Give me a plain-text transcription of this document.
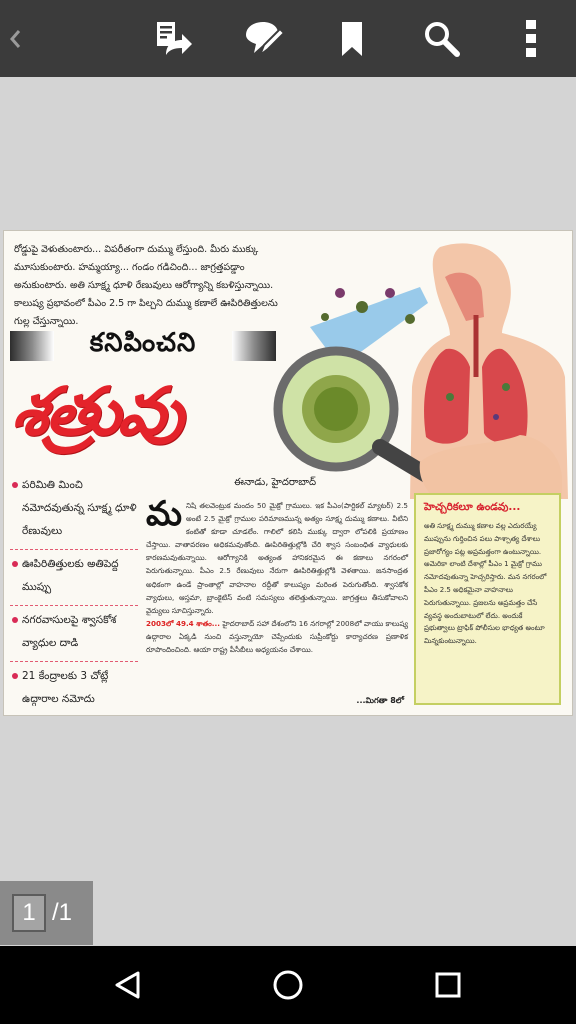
రోడ్డుపై వెళుతుంటారు... విపరీతంగా దుమ్ము లేస్తుంది. మీరు ముక్కు మూసుకుంటారు. హమ్మయ్యా... గండం గడిచింది... జాగ్రత్తపడ్డాం అనుకుంటారు. అతి సూక్ష్మ ధూళి రేణువులు ఆరోగ్యాన్ని కబళిస్తున్నాయి. కాలుష్య ప్రభావంలో పీఎం 2.5 గా పిల్చని దుమ్ము కణాలే ఊపిరితిత్తులను గుల్ల చేస్తున్నాయి.
కనిపించని
శత్రువు
ఈనాడు, హైదరాబాద్
పరిమితి మించి నమోదవుతున్న సూక్ష్మ ధూళి రేణువులు
ఊపిరితిత్తులకు అతిపెద్ద ముప్పు
నగరవాసులపై శ్వాసకోశ వ్యాధుల దాడి
21 కేంద్రాలకు 3 చోట్లే ఉద్గారాల నమోదు
మ నిషి తలవెంట్రుక మందం 50 మైక్రో గ్రాములు. ఇక పీఎం(పార్టికల్ మ్యాటర్) 2.5 అంటే 2.5 మైక్రో గ్రాముల పరిమాణమున్న అత్యం సూక్ష్మ దుమ్ము కణాలు. వీటిని కంటితో కూడా చూడలేం. గాలిలో కలిసి ముక్కు ద్వారా లోపలికి ప్రయాణం చేస్తాయి. వాతావరణం అధికమవుతోంది. ఊపిరితిత్తుల్లోకి చేరి శ్వాస సంబంధిత వ్యాధులకు కారణమవుతున్నాయి. ఆరోగ్యానికి అత్యంత హానికరమైన ఈ కణాలు నగరంలో పెరుగుతున్నాయి. పీఎం 2.5 రేణువులు నేరుగా ఊపిరితిత్తుల్లోకి వెళతాయి. జనసాంద్రత అధికంగా ఉండే ప్రాంతాల్లో వాహనాల రద్దీతో కాలుష్యం మరింత పెరుగుతోంది. శ్వాసకోశ వ్యాధులు, ఆస్తమా, బ్రాంకైటిస్ వంటి సమస్యలు తలెత్తుతున్నాయి. జాగ్రత్తలు తీసుకోవాలని వైద్యులు సూచిస్తున్నారు.
2003లో 49.4 శాతం... హైదరాబాద్ సహా దేశంలోని 16 నగరాల్లో 2008లో వాయు కాలుష్య ఉద్గారాల ఏక్కడి నుంచి వస్తున్నాయో చెప్పేందుకు సుప్రీంకోర్టు కార్యాచరణ ప్రణాళిక రూపొందించింది. ఆయా రాష్ట్ర పీసీబీలు అధ్యయనం చేశాయి.
...మిగతా 8లో
హెచ్చరికలూ ఉండవు...
అతి సూక్ష్మ దుమ్ము కణాల వల్ల ఎదురయ్యే ముప్పును గుర్తించిన పలు పాశ్చాత్య దేశాలు ప్రజారోగ్యం పట్ల అప్రమత్తంగా ఉంటున్నాయి. అమెరికా లాంటి దేశాల్లో పీఎం 1 మైక్రో గ్రాము నమోదవుతున్నా హెచ్చరిస్తారు. మన నగరంలో పీఎం 2.5 అధికమైనా వాహనాలు పెరుగుతున్నాయి. ప్రజలను అప్రమత్తం చేసే వ్యవస్థ అందుబాటులో లేదు. అందుకే ప్రభుత్వాలు ట్రాఫిక్ పోలీసుల భాధ్యత అంటూ మిన్నకుంటున్నాయి.
1 /1
